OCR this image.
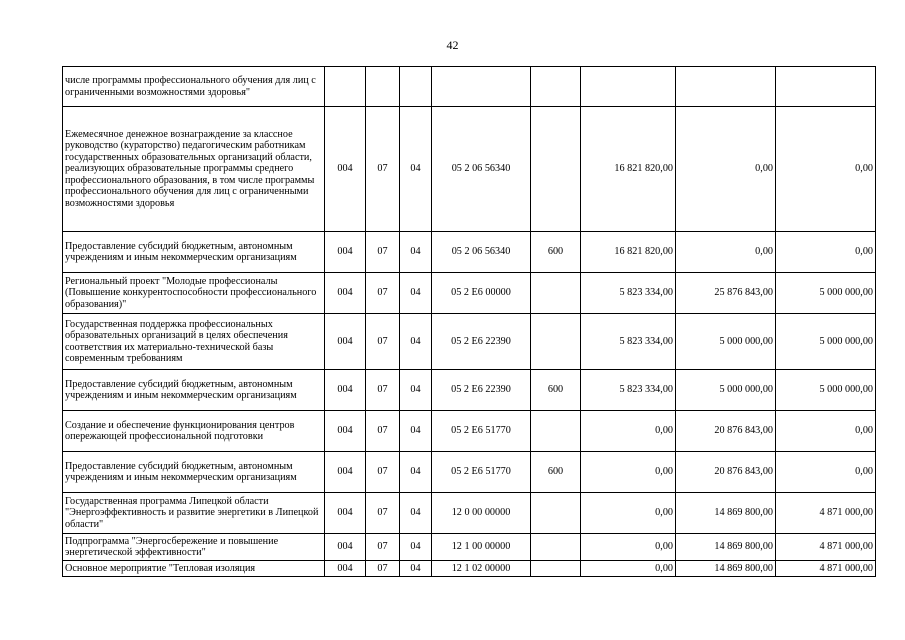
42
числе программы профессионального обучения для лиц с ограниченными возможностями здоровья"								
Ежемесячное денежное вознаграждение за классное руководство (кураторство) педагогическим работникам государственных образовательных организаций области, реализующих образовательные программы среднего профессионального образования, в том числе программы профессионального обучения для лиц с ограниченными возможностями здоровья	004	07	04	05 2 06 56340		16 821 820,00	0,00	0,00
Предоставление субсидий бюджетным, автономным учреждениям и иным некоммерческим организациям	004	07	04	05 2 06 56340	600	16 821 820,00	0,00	0,00
Региональный проект "Молодые профессионалы (Повышение конкурентоспособности профессионального образования)"	004	07	04	05 2 E6 00000		5 823 334,00	25 876 843,00	5 000 000,00
Государственная поддержка профессиональных образовательных организаций в целях обеспечения соответствия их материально-технической базы современным требованиям	004	07	04	05 2 E6 22390		5 823 334,00	5 000 000,00	5 000 000,00
Предоставление субсидий бюджетным, автономным учреждениям и иным некоммерческим организациям	004	07	04	05 2 E6 22390	600	5 823 334,00	5 000 000,00	5 000 000,00
Создание и обеспечение функционирования центров опережающей профессиональной подготовки	004	07	04	05 2 E6 51770		0,00	20 876 843,00	0,00
Предоставление субсидий бюджетным, автономным учреждениям и иным некоммерческим организациям	004	07	04	05 2 E6 51770	600	0,00	20 876 843,00	0,00
Государственная программа Липецкой области "Энергоэффективность и развитие энергетики в Липецкой области"	004	07	04	12 0 00 00000		0,00	14 869 800,00	4 871 000,00
Подпрограмма "Энергосбережение и повышение энергетической эффективности"	004	07	04	12 1 00 00000		0,00	14 869 800,00	4 871 000,00
Основное мероприятие "Тепловая изоляция	004	07	04	12 1 02 00000		0,00	14 869 800,00	4 871 000,00
